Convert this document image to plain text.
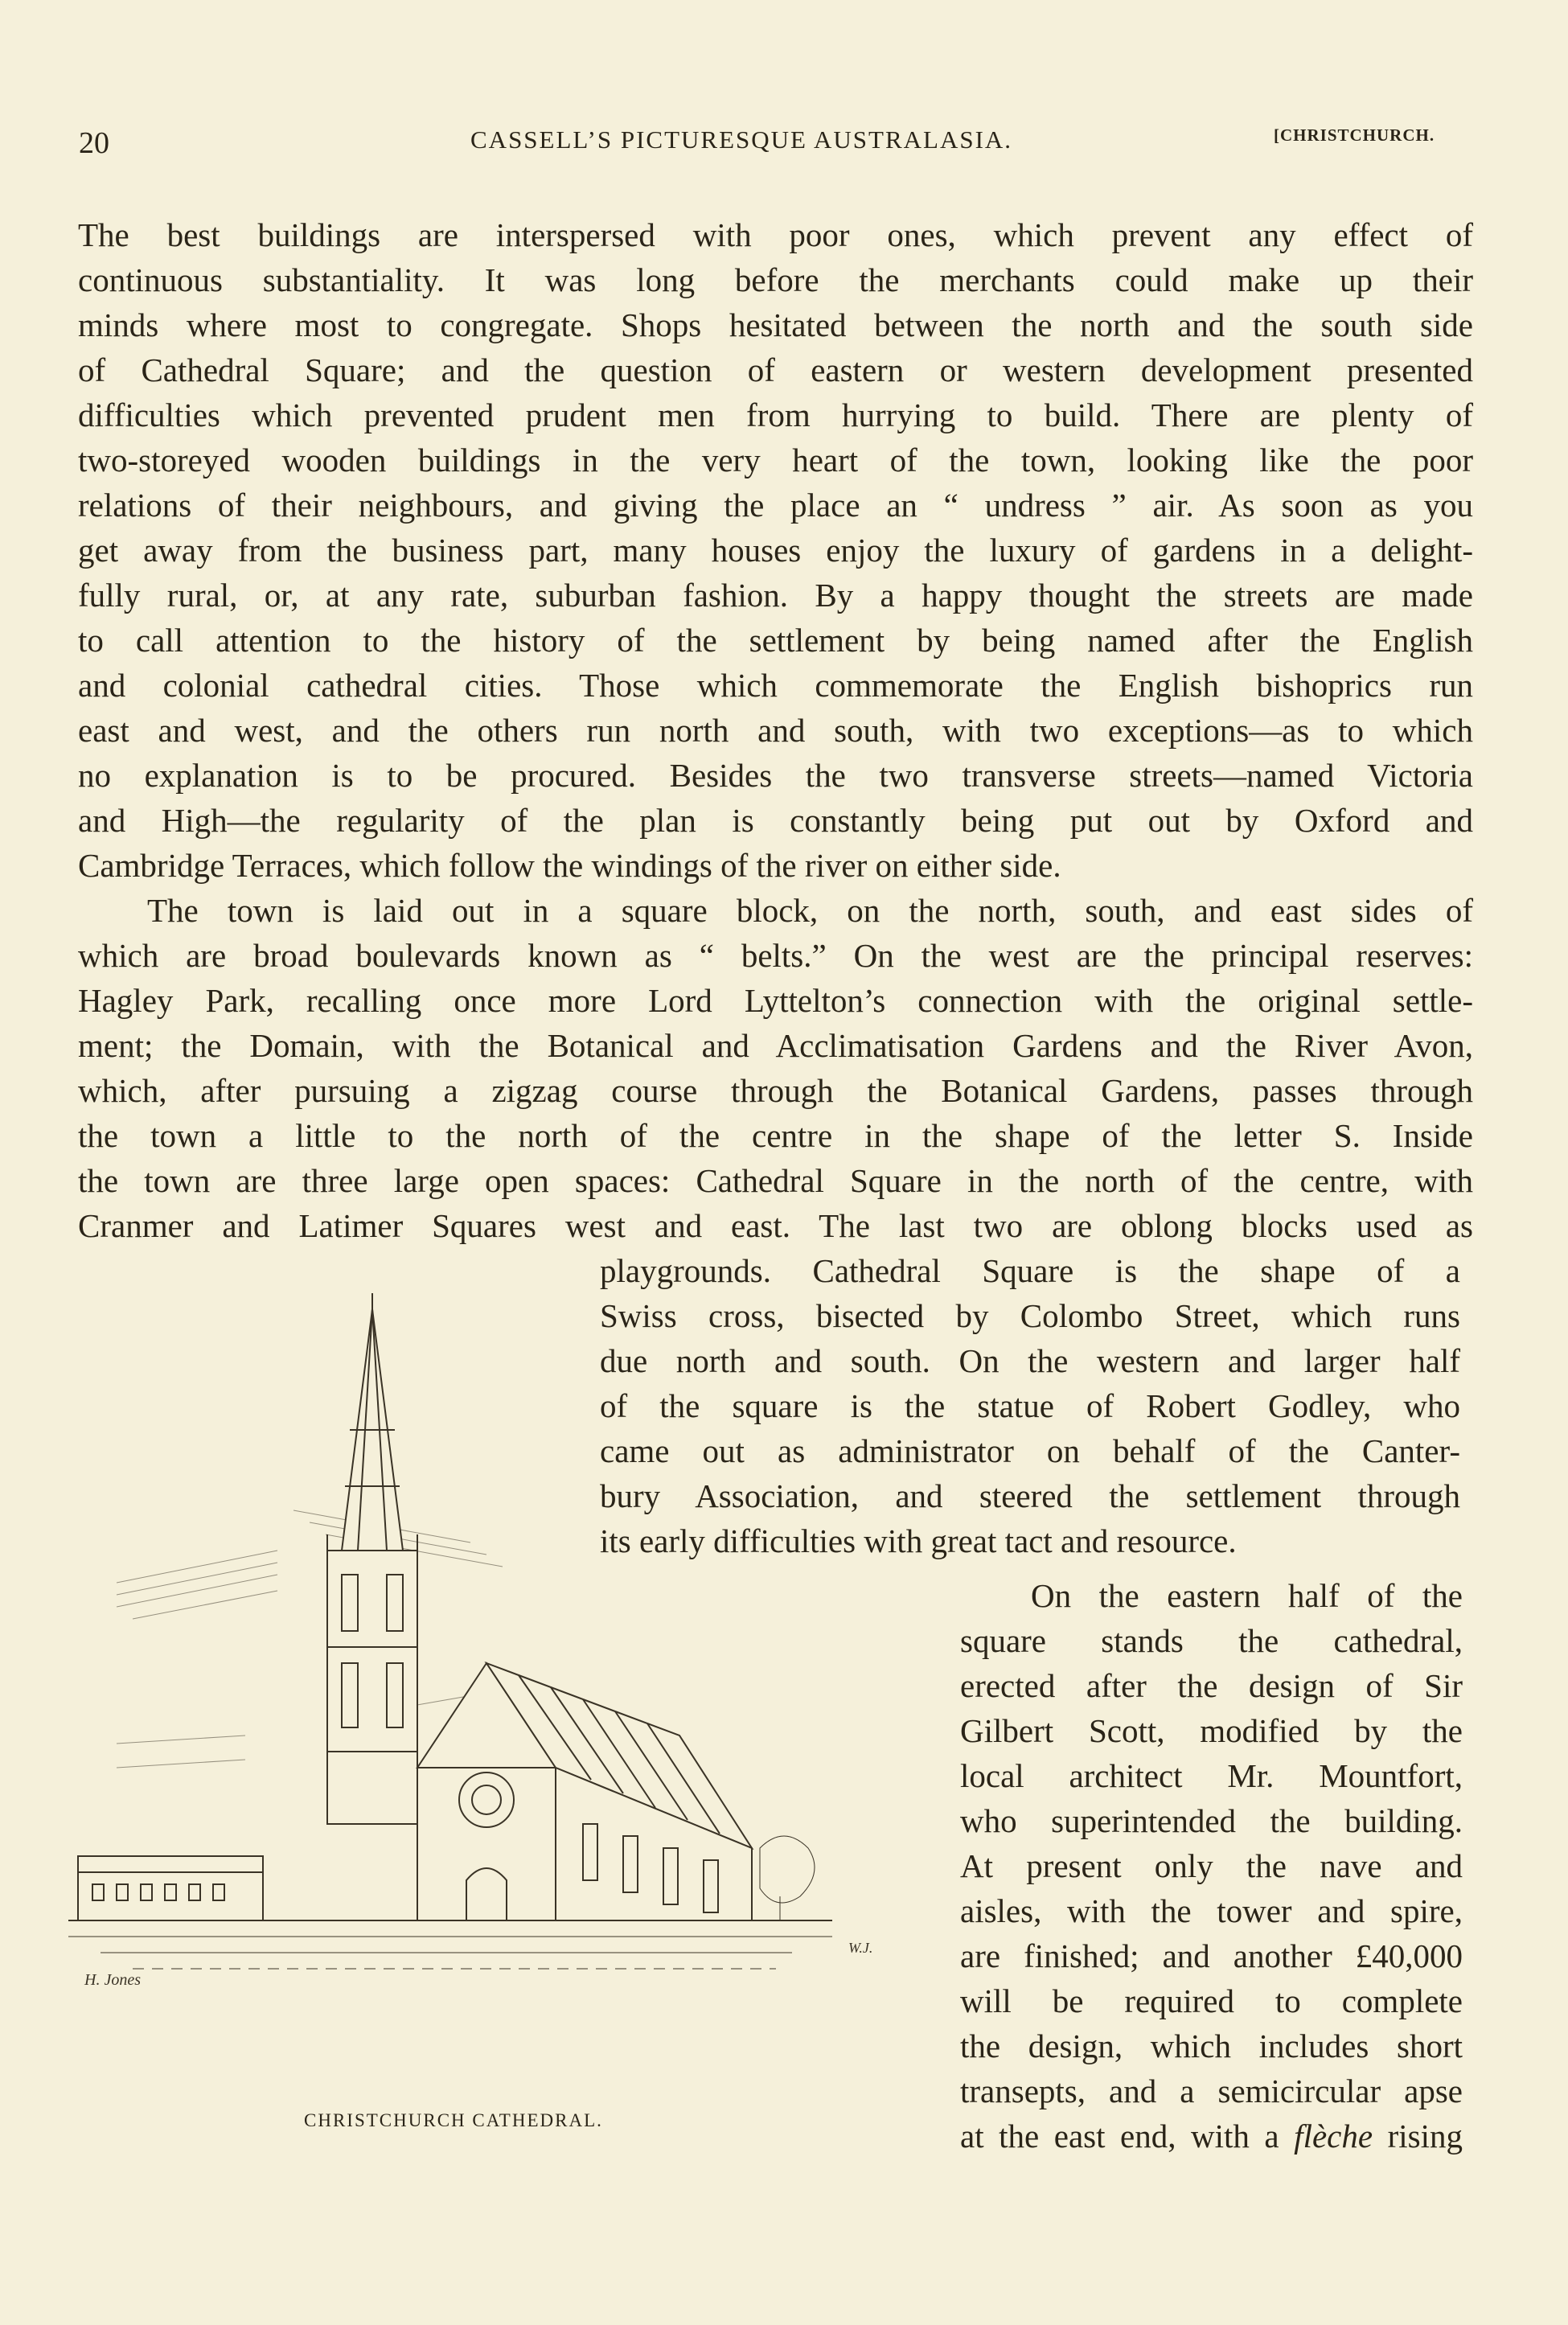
20	CASSELL’S PICTURESQUE AUSTRALASIA.	[CHRISTCHURCH.
The best buildings are interspersed with poor ones, which prevent any effect of
continuous substantiality. It was long before the merchants could make up their
minds where most to congregate. Shops hesitated between the north and the south side
of Cathedral Square; and the question of eastern or western development presented
difficulties which prevented prudent men from hurrying to build. There are plenty of
two-storeyed wooden buildings in the very heart of the town, looking like the poor
relations of their neighbours, and giving the place an “ undress ” air. As soon as you
get away from the business part, many houses enjoy the luxury of gardens in a delight-
fully rural, or, at any rate, suburban fashion. By a happy thought the streets are made
to call attention to the history of the settlement by being named after the English
and colonial cathedral cities. Those which commemorate the English bishoprics run
east and west, and the others run north and south, with two exceptions—as to which
no explanation is to be procured. Besides the two transverse streets—named Victoria
and High—the regularity of the plan is constantly being put out by Oxford and
Cambridge Terraces, which follow the windings of the river on either side.
The town is laid out in a square block, on the north, south, and east sides of
which are broad boulevards known as “ belts.” On the west are the principal reserves:
Hagley Park, recalling once more Lord Lyttelton’s connection with the original settle-
ment; the Domain, with the Botanical and Acclimatisation Gardens and the River Avon,
which, after pursuing a zigzag course through the Botanical Gardens, passes through
the town a little to the north of the centre in the shape of the letter S. Inside
the town are three large open spaces: Cathedral Square in the north of the centre, with
Cranmer and Latimer Squares west and east. The last two are oblong blocks used as
playgrounds. Cathedral Square is the shape of a
Swiss cross, bisected by Colombo Street, which runs
due north and south. On the western and larger half
of the square is the statue of Robert Godley, who
came out as administrator on behalf of the Canter-
bury Association, and steered the settlement through
its early difficulties with great tact and resource.
On the eastern half of the
square stands the cathedral,
erected after the design of Sir
Gilbert Scott, modified by the
local architect Mr. Mountfort,
who superintended the building.
At present only the nave and
aisles, with the tower and spire,
are finished; and another £40,000
will be required to complete
the design, which includes short
transepts, and a semicircular apse
at the east end, with a flèche rising
H. Jones
W.J.
CHRISTCHURCH CATHEDRAL.
